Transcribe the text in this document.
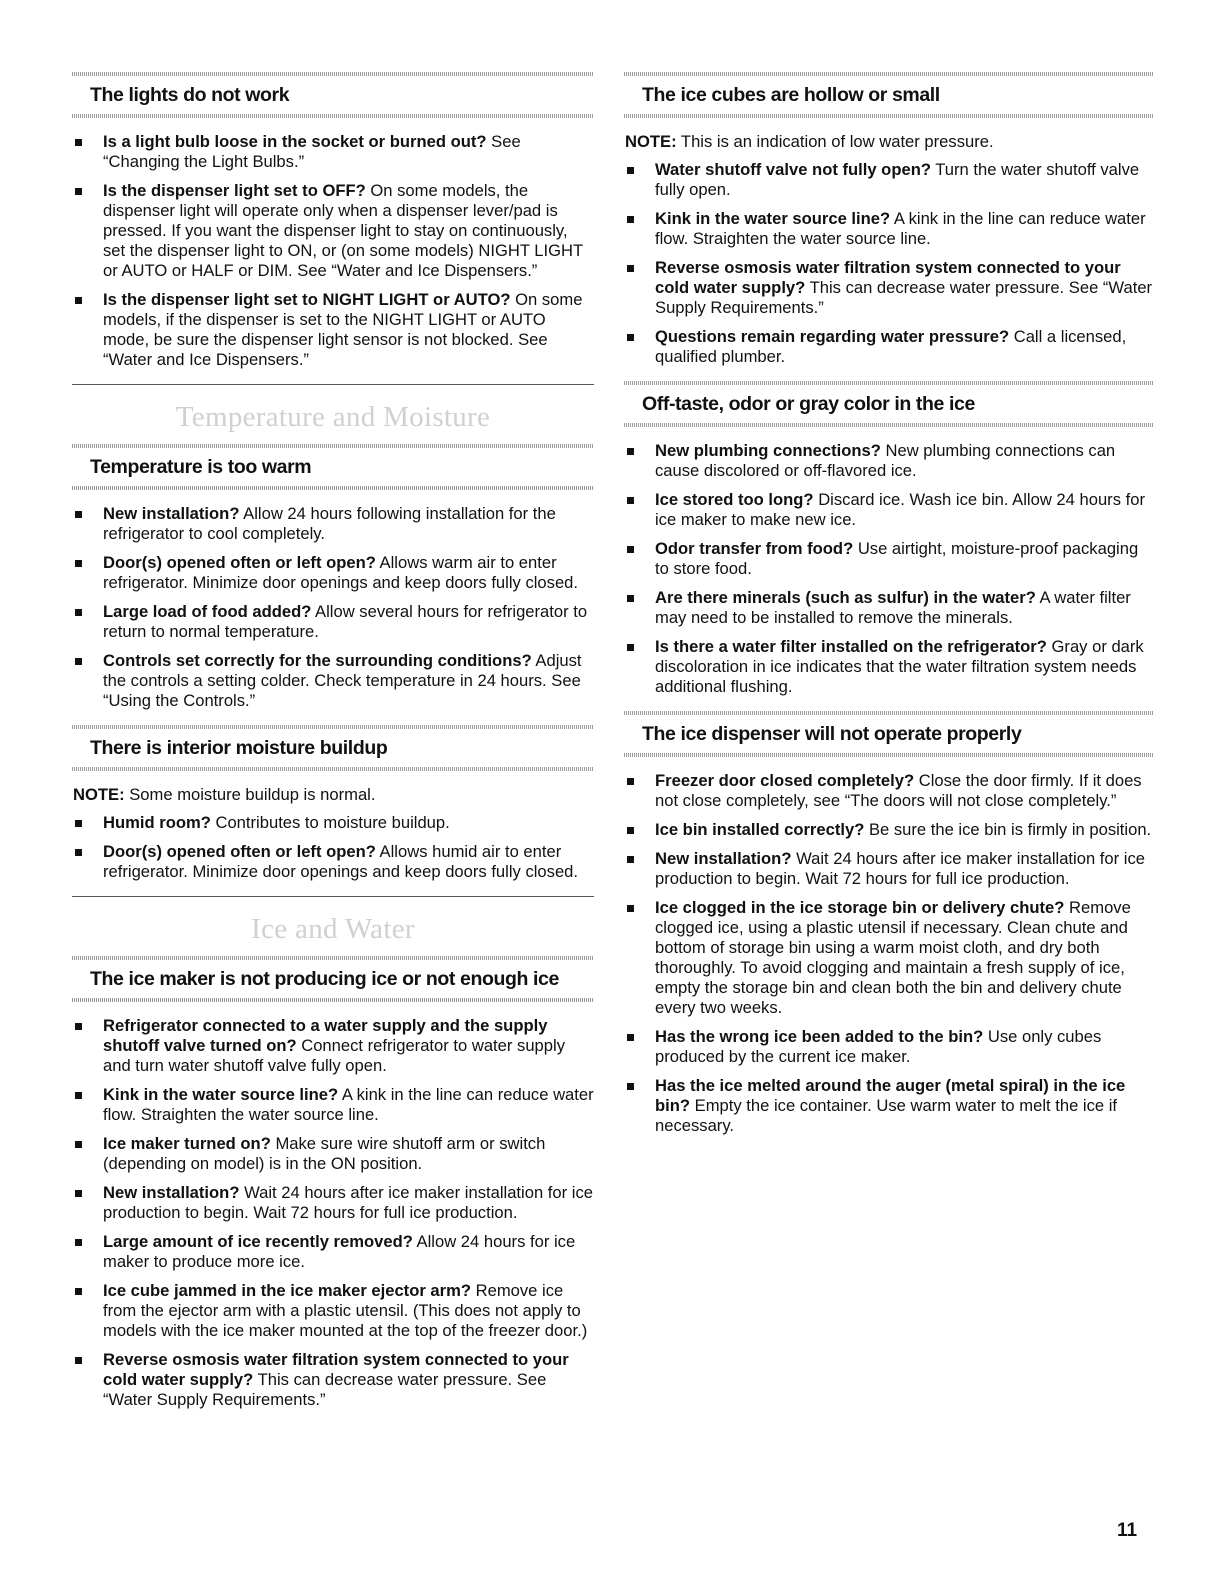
The lights do not work
Is a light bulb loose in the socket or burned out? See “Changing the Light Bulbs.”
Is the dispenser light set to OFF? On some models, the dispenser light will operate only when a dispenser lever/pad is pressed. If you want the dispenser light to stay on continuously, set the dispenser light to ON, or (on some models) NIGHT LIGHT or AUTO or HALF or DIM. See “Water and Ice Dispensers.”
Is the dispenser light set to NIGHT LIGHT or AUTO? On some models, if the dispenser is set to the NIGHT LIGHT or AUTO mode, be sure the dispenser light sensor is not blocked. See “Water and Ice Dispensers.”
Temperature and Moisture
Temperature is too warm
New installation? Allow 24 hours following installation for the refrigerator to cool completely.
Door(s) opened often or left open? Allows warm air to enter refrigerator. Minimize door openings and keep doors fully closed.
Large load of food added? Allow several hours for refrigerator to return to normal temperature.
Controls set correctly for the surrounding conditions? Adjust the controls a setting colder. Check temperature in 24 hours. See “Using the Controls.”
There is interior moisture buildup
NOTE: Some moisture buildup is normal.
Humid room? Contributes to moisture buildup.
Door(s) opened often or left open? Allows humid air to enter refrigerator. Minimize door openings and keep doors fully closed.
Ice and Water
The ice maker is not producing ice or not enough ice
Refrigerator connected to a water supply and the supply shutoff valve turned on? Connect refrigerator to water supply and turn water shutoff valve fully open.
Kink in the water source line? A kink in the line can reduce water flow. Straighten the water source line.
Ice maker turned on? Make sure wire shutoff arm or switch (depending on model) is in the ON position.
New installation? Wait 24 hours after ice maker installation for ice production to begin. Wait 72 hours for full ice production.
Large amount of ice recently removed? Allow 24 hours for ice maker to produce more ice.
Ice cube jammed in the ice maker ejector arm? Remove ice from the ejector arm with a plastic utensil. (This does not apply to models with the ice maker mounted at the top of the freezer door.)
Reverse osmosis water filtration system connected to your cold water supply? This can decrease water pressure. See “Water Supply Requirements.”
The ice cubes are hollow or small
NOTE: This is an indication of low water pressure.
Water shutoff valve not fully open? Turn the water shutoff valve fully open.
Kink in the water source line? A kink in the line can reduce water flow. Straighten the water source line.
Reverse osmosis water filtration system connected to your cold water supply? This can decrease water pressure. See “Water Supply Requirements.”
Questions remain regarding water pressure? Call a licensed, qualified plumber.
Off-taste, odor or gray color in the ice
New plumbing connections? New plumbing connections can cause discolored or off-flavored ice.
Ice stored too long? Discard ice. Wash ice bin. Allow 24 hours for ice maker to make new ice.
Odor transfer from food? Use airtight, moisture-proof packaging to store food.
Are there minerals (such as sulfur) in the water? A water filter may need to be installed to remove the minerals.
Is there a water filter installed on the refrigerator? Gray or dark discoloration in ice indicates that the water filtration system needs additional flushing.
The ice dispenser will not operate properly
Freezer door closed completely? Close the door firmly. If it does not close completely, see “The doors will not close completely.”
Ice bin installed correctly? Be sure the ice bin is firmly in position.
New installation? Wait 24 hours after ice maker installation for ice production to begin. Wait 72 hours for full ice production.
Ice clogged in the ice storage bin or delivery chute? Remove clogged ice, using a plastic utensil if necessary. Clean chute and bottom of storage bin using a warm moist cloth, and dry both thoroughly. To avoid clogging and maintain a fresh supply of ice, empty the storage bin and clean both the bin and delivery chute every two weeks.
Has the wrong ice been added to the bin? Use only cubes produced by the current ice maker.
Has the ice melted around the auger (metal spiral) in the ice bin? Empty the ice container. Use warm water to melt the ice if necessary.
11
